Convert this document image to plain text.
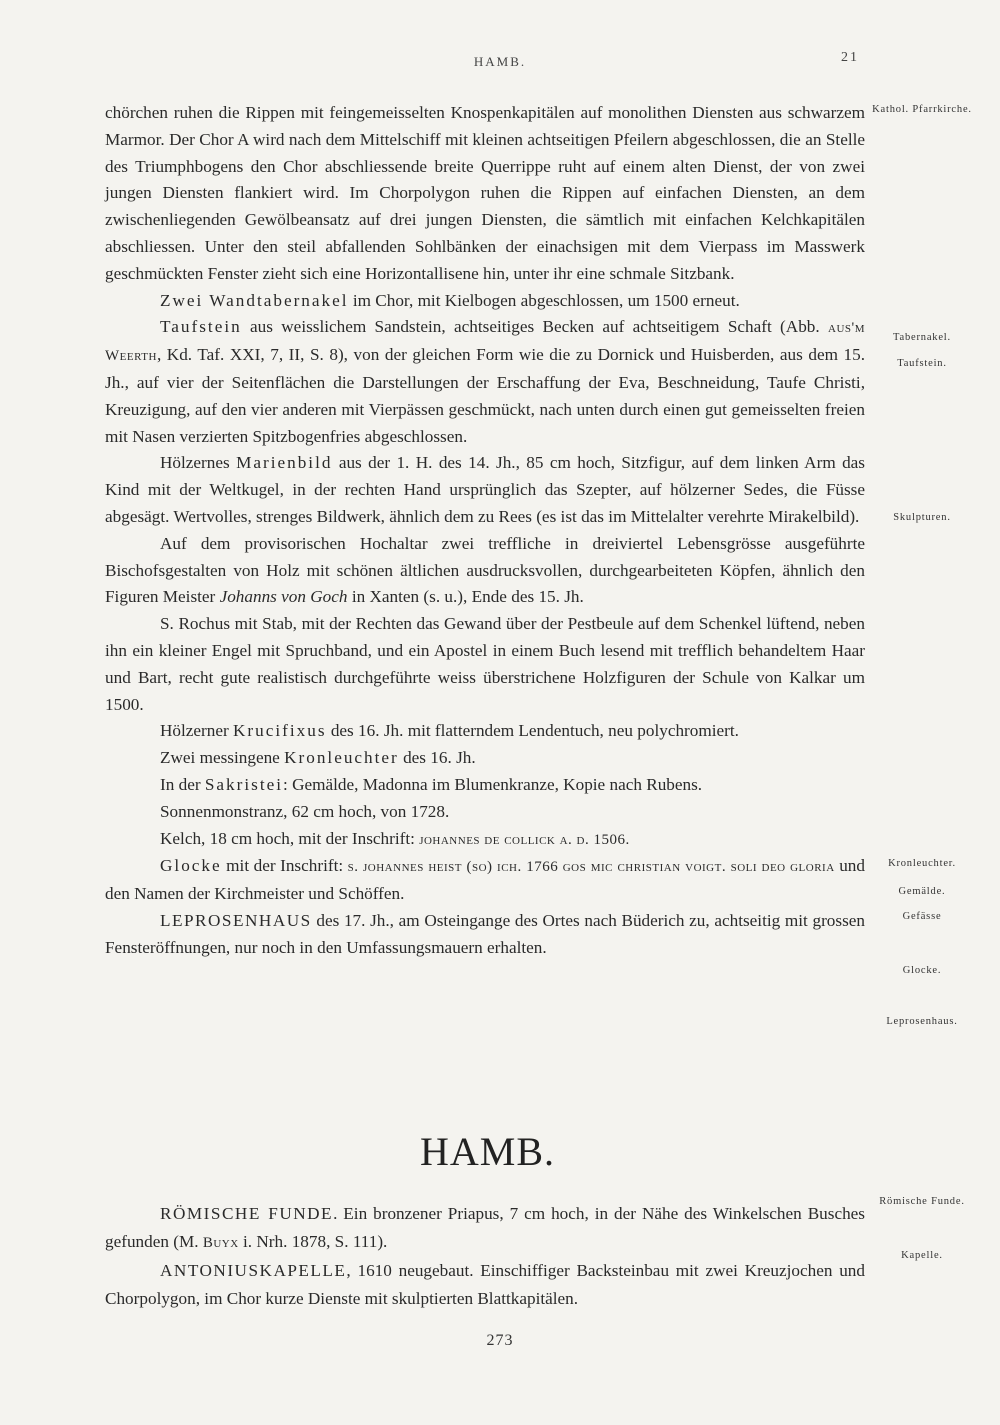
HAMB.	21

chörchen ruhen die Rippen mit feingemeisselten Knospenkapitälen auf monolithen Diensten aus schwarzem Marmor. Der Chor A wird nach dem Mittelschiff mit kleinen achtseitigen Pfeilern abgeschlossen, die an Stelle des Triumphbogens den Chor abschliessende breite Querrippe ruht auf einem alten Dienst, der von zwei jungen Diensten flankiert wird. Im Chorpolygon ruhen die Rippen auf einfachen Diensten, an dem zwischenliegenden Gewölbeansatz auf drei jungen Diensten, die sämtlich mit einfachen Kelchkapitälen abschliessen. Unter den steil abfallenden Sohlbänken der einachsigen mit dem Vierpass im Masswerk geschmückten Fenster zieht sich eine Horizontallisene hin, unter ihr eine schmale Sitzbank.

Zwei Wandtabernakel im Chor, mit Kielbogen abgeschlossen, um 1500 erneut.

Taufstein aus weisslichem Sandstein, achtseitiges Becken auf achtseitigem Schaft (Abb. aus'm Weerth, Kd. Taf. XXI, 7, II, S. 8), von der gleichen Form wie die zu Dornick und Huisberden, aus dem 15. Jh., auf vier der Seitenflächen die Darstellungen der Erschaffung der Eva, Beschneidung, Taufe Christi, Kreuzigung, auf den vier anderen mit Vierpässen geschmückt, nach unten durch einen gut gemeisselten freien mit Nasen verzierten Spitzbogenfries abgeschlossen.

Hölzernes Marienbild aus der 1. H. des 14. Jh., 85 cm hoch, Sitzfigur, auf dem linken Arm das Kind mit der Weltkugel, in der rechten Hand ursprünglich das Szepter, auf hölzerner Sedes, die Füsse abgesägt. Wertvolles, strenges Bildwerk, ähnlich dem zu Rees (es ist das im Mittelalter verehrte Mirakelbild).

Auf dem provisorischen Hochaltar zwei treffliche in dreiviertel Lebensgrösse ausgeführte Bischofsgestalten von Holz mit schönen ältlichen ausdrucksvollen, durchgearbeiteten Köpfen, ähnlich den Figuren Meister Johanns von Goch in Xanten (s. u.), Ende des 15. Jh.

S. Rochus mit Stab, mit der Rechten das Gewand über der Pestbeule auf dem Schenkel lüftend, neben ihn ein kleiner Engel mit Spruchband, und ein Apostel in einem Buch lesend mit trefflich behandeltem Haar und Bart, recht gute realistisch durchgeführte weiss überstrichene Holzfiguren der Schule von Kalkar um 1500.

Hölzerner Krucifixus des 16. Jh. mit flatterndem Lendentuch, neu polychromiert.

Zwei messingene Kronleuchter des 16. Jh.

In der Sakristei: Gemälde, Madonna im Blumenkranze, Kopie nach Rubens.

Sonnenmonstranz, 62 cm hoch, von 1728.

Kelch, 18 cm hoch, mit der Inschrift: johannes de collick a. d. 1506.

Glocke mit der Inschrift: s. johannes heist (so) ich. 1766 gos mic christian voigt. soli deo gloria und den Namen der Kirchmeister und Schöffen.

LEPROSENHAUS des 17. Jh., am Osteingange des Ortes nach Büderich zu, achtseitig mit grossen Fensteröffnungen, nur noch in den Umfassungsmauern erhalten.

Kathol. Pfarrkirche.
Tabernakel.
Taufstein.
Skulpturen.
Kronleuchter.
Gemälde.
Gefässe
Glocke.
Leprosenhaus.
HAMB.

RÖMISCHE FUNDE. Ein bronzener Priapus, 7 cm hoch, in der Nähe des Winkelschen Busches gefunden (M. Buyx i. Nrh. 1878, S. 111).

ANTONIUSKAPELLE, 1610 neugebaut. Einschiffiger Backsteinbau mit zwei Kreuzjochen und Chorpolygon, im Chor kurze Dienste mit skulptierten Blattkapitälen.

Römische Funde.
Kapelle.
273
